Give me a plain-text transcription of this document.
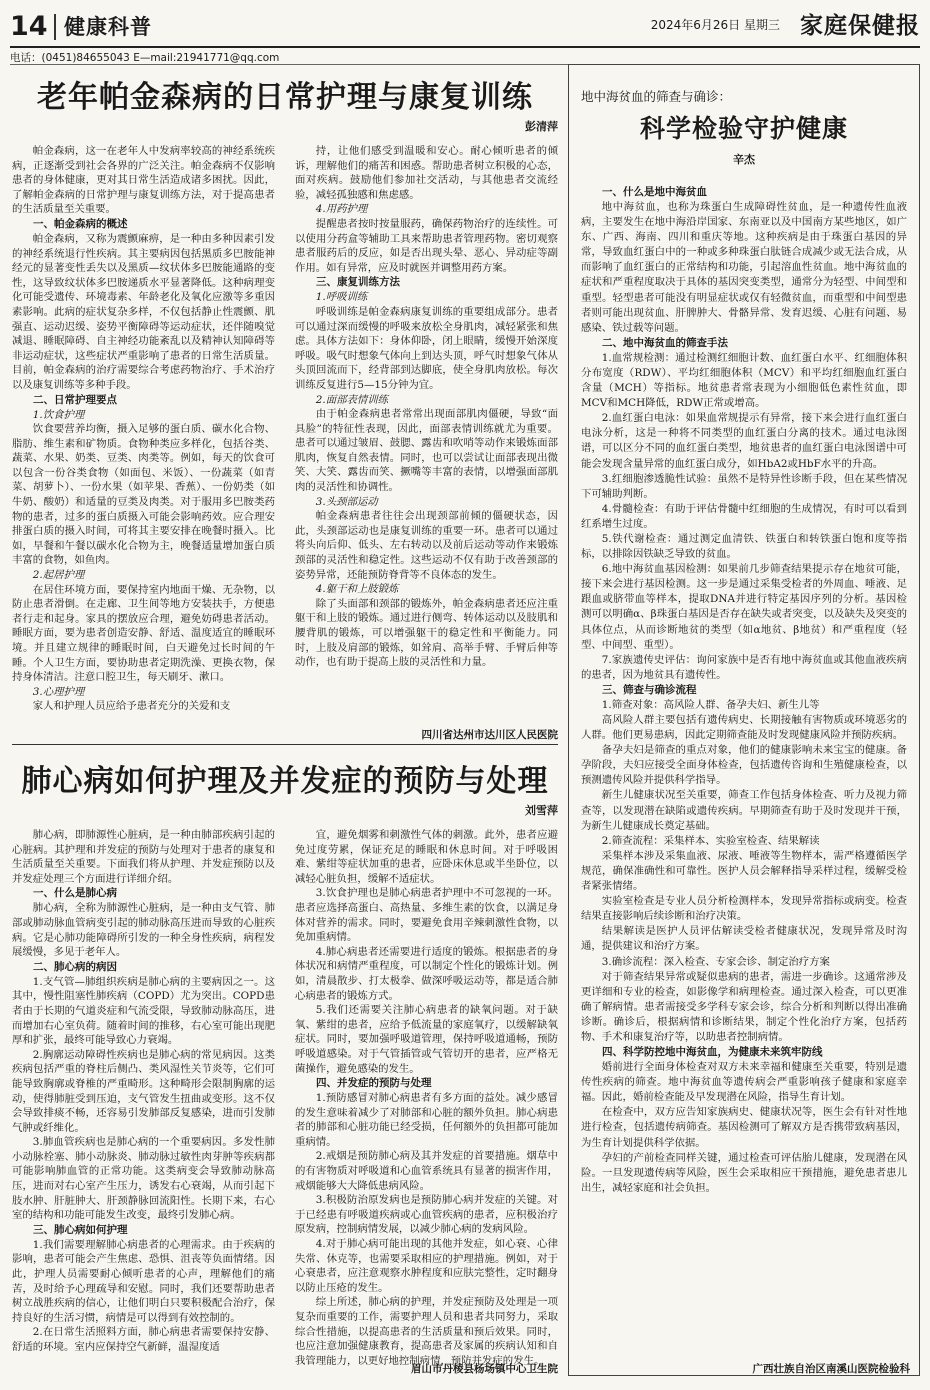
14 健康科普	2024年6月26日 星期三 家庭保健报
电话：(0451)84655043 E—mail:21941771@qq.com
老年帕金森病的日常护理与康复训练
彭清萍

帕金森病，这一在老年人中发病率较高的神经系统疾病，正逐渐受到社会各界的广泛关注。帕金森病不仅影响患者的身体健康，更对其日常生活造成诸多困扰。因此，了解帕金森病的日常护理与康复训练方法，对于提高患者的生活质量至关重要。

一、帕金森病的概述

帕金森病，又称为震颤麻痹，是一种由多种因素引发的神经系统退行性疾病。其主要病因包括黑质多巴胺能神经元的显著变性丢失以及黑质—纹状体多巴胺能通路的变性，这导致纹状体多巴胺递质水平显著降低。这种病理变化可能受遗传、环境毒素、年龄老化及氧化应激等多重因素影响。此病的症状复杂多样，不仅包括静止性震颤、肌强直、运动迟缓、姿势平衡障碍等运动症状，还伴随嗅觉减退、睡眠障碍、自主神经功能紊乱以及精神认知障碍等非运动症状，这些症状严重影响了患者的日常生活质量。目前，帕金森病的治疗需要综合考虑药物治疗、手术治疗以及康复训练等多种手段。

二、日常护理要点

1.饮食护理

饮食要营养均衡，摄入足够的蛋白质、碳水化合物、脂肪、维生素和矿物质。食物种类应多样化，包括谷类、蔬菜、水果、奶类、豆类、肉类等。例如，每天的饮食可以包含一份谷类食物（如面包、米饭）、一份蔬菜（如青菜、胡萝卜）、一份水果（如苹果、香蕉）、一份奶类（如牛奶、酸奶）和适量的豆类及肉类。对于服用多巴胺类药物的患者，过多的蛋白质摄入可能会影响药效。应合理安排蛋白质的摄入时间，可将其主要安排在晚餐时摄入。比如，早餐和午餐以碳水化合物为主，晚餐适量增加蛋白质丰富的食物，如鱼肉。

2.起居护理

在居住环境方面，要保持室内地面干燥、无杂物，以防止患者滑倒。在走廊、卫生间等地方安装扶手，方便患者行走和起身。家具的摆放应合理，避免妨碍患者活动。睡眠方面，要为患者创造安静、舒适、温度适宜的睡眠环境。并且建立规律的睡眠时间，白天避免过长时间的午睡。个人卫生方面，要协助患者定期洗澡、更换衣物，保持身体清洁。注意口腔卫生，每天刷牙、漱口。

3.心理护理

家人和护理人员应给予患者充分的关爱和支

持，让他们感受到温暖和安心。耐心倾听患者的倾诉，理解他们的痛苦和困惑。帮助患者树立积极的心态，面对疾病。鼓励他们参加社交活动，与其他患者交流经验，减轻孤独感和焦虑感。

4.用药护理

提醒患者按时按量服药，确保药物治疗的连续性。可以使用分药盒等辅助工具来帮助患者管理药物。密切观察患者服药后的反应，如是否出现头晕、恶心、异动症等副作用。如有异常，应及时就医并调整用药方案。

三、康复训练方法

1.呼吸训练

呼吸训练是帕金森病康复训练的重要组成部分。患者可以通过深而缓慢的呼吸来放松全身肌肉，减轻紧张和焦虑。具体方法如下：身体仰卧，闭上眼睛，缓慢开始深度呼吸。吸气时想象气体向上到达头顶，呼气时想象气体从头顶回流而下，经背部到达脚底，使全身肌肉放松。每次训练反复进行5—15分钟为宜。

2.面部表情训练

由于帕金森病患者常常出现面部肌肉僵硬，导致“面具脸”的特征性表现，因此，面部表情训练就尤为重要。患者可以通过皱眉、鼓腮、露齿和吹哨等动作来锻炼面部肌肉，恢复自然表情。同时，也可以尝试让面部表现出微笑、大笑、露齿而笑、撅嘴等丰富的表情，以增强面部肌肉的灵活性和协调性。

3.头颈部运动

帕金森病患者往往会出现颈部前倾的僵硬状态，因此，头颈部运动也是康复训练的重要一环。患者可以通过将头向后仰、低头、左右转动以及前后运动等动作来锻炼颈部的灵活性和稳定性。这些运动不仅有助于改善颈部的姿势异常，还能预防脊背等不良体态的发生。

4.躯干和上肢锻炼

除了头面部和颈部的锻炼外，帕金森病患者还应注重躯干和上肢的锻炼。通过进行侧弯、转体运动以及肢肌和腰背肌的锻炼，可以增强躯干的稳定性和平衡能力。同时，上肢及肩部的锻炼，如耸肩、高举手臂、手臂后伸等动作，也有助于提高上肢的灵活性和力量。

四川省达州市达川区人民医院
肺心病如何护理及并发症的预防与处理
刘雪萍

肺心病，即肺源性心脏病，是一种由肺部疾病引起的心脏病。其护理和并发症的预防与处理对于患者的康复和生活质量至关重要。下面我们将从护理、并发症预防以及并发症处理三个方面进行详细介绍。

一、什么是肺心病

肺心病，全称为肺源性心脏病，是一种由支气管、肺部或肺动脉血管病变引起的肺动脉高压进而导致的心脏疾病。它是心肺功能障碍所引发的一种全身性疾病，病程发展缓慢，多见于老年人。

二、肺心病的病因

1.支气管—肺组织疾病是肺心病的主要病因之一。这其中，慢性阻塞性肺疾病（COPD）尤为突出。COPD患者由于长期的气道炎症和气流受限，导致肺动脉高压，进而增加右心室负荷。随着时间的推移，右心室可能出现肥厚和扩张，最终可能导致心力衰竭。

2.胸廓运动障碍性疾病也是肺心病的常见病因。这类疾病包括严重的脊柱后侧凸、类风湿性关节炎等，它们可能导致胸廓或脊椎的严重畸形。这种畸形会限制胸廓的运动，使得肺脏受到压迫，支气管发生扭曲或变形。这不仅会导致排痰不畅，还容易引发肺部反复感染，进而引发肺气肿或纤维化。

3.肺血管疾病也是肺心病的一个重要病因。多发性肺小动脉栓塞、肺小动脉炎、肺动脉过敏性肉芽肿等疾病都可能影响肺血管的正常功能。这类病变会导致肺动脉高压，进而对右心室产生压力，诱发右心衰竭，从而引起下肢水肿、肝脏肿大、肝颈静脉回流阳性。长期下来，右心室的结构和功能可能发生改变，最终引发肺心病。

三、肺心病如何护理

1.我们需要理解肺心病患者的心理需求。由于疾病的影响，患者可能会产生焦虑、恐惧、沮丧等负面情绪。因此，护理人员需要耐心倾听患者的心声，理解他们的痛苦，及时给予心理疏导和安慰。同时，我们还要帮助患者树立战胜疾病的信心，让他们明白只要积极配合治疗，保持良好的生活习惯，病情是可以得到有效控制的。

2.在日常生活照料方面，肺心病患者需要保持安静、舒适的环境。室内应保持空气新鲜，温湿度适

宜，避免烟雾和刺激性气体的刺激。此外，患者应避免过度劳累，保证充足的睡眠和休息时间。对于呼吸困难、紫绀等症状加重的患者，应卧床休息或半坐卧位，以减轻心脏负担，缓解不适症状。

3.饮食护理也是肺心病患者护理中不可忽视的一环。患者应选择高蛋白、高热量、多维生素的饮食，以满足身体对营养的需求。同时，要避免食用辛辣刺激性食物，以免加重病情。

4.肺心病患者还需要进行适度的锻炼。根据患者的身体状况和病情严重程度，可以制定个性化的锻炼计划。例如，清晨散步、打太极拳、做深呼吸运动等，都是适合肺心病患者的锻炼方式。

5.我们还需要关注肺心病患者的缺氧问题。对于缺氧、紫绀的患者，应给予低流量的家庭氧疗，以缓解缺氧症状。同时，要加强呼吸道管理，保持呼吸道通畅，预防呼吸道感染。对于气管插管或气管切开的患者，应严格无菌操作，避免感染的发生。

四、并发症的预防与处理

1.预防感冒对肺心病患者有多方面的益处。减少感冒的发生意味着减少了对肺部和心脏的额外负担。肺心病患者的肺部和心脏功能已经受损，任何额外的负担都可能加重病情。

2.戒烟是预防肺心病及其并发症的首要措施。烟草中的有害物质对呼吸道和心血管系统具有显著的损害作用，戒烟能够大大降低患病风险。

3.积极防治原发病也是预防肺心病并发症的关键。对于已经患有呼吸道疾病或心血管疾病的患者，应积极治疗原发病，控制病情发展，以减少肺心病的发病风险。

4.对于肺心病可能出现的其他并发症，如心衰、心律失常、休克等，也需要采取相应的护理措施。例如，对于心衰患者，应注意观察水肿程度和应肤完整性，定时翻身以防止压疮的发生。

综上所述，肺心病的护理，并发症预防及处理是一项复杂而重要的工作，需要护理人员和患者共同努力，采取综合性措施，以提高患者的生活质量和预后效果。同时，也应注意加强健康教育，提高患者及家属的疾病认知和自我管理能力，以更好地控制病情，预防并发症的发生。

眉山市丹棱县杨场镇中心卫生院
地中海贫血的筛查与确诊：
科学检验守护健康
辛杰

一、什么是地中海贫血

地中海贫血，也称为珠蛋白生成障碍性贫血，是一种遗传性血液病，主要发生在地中海沿岸国家、东南亚以及中国南方某些地区，如广东、广西、海南、四川和重庆等地。这种疾病是由于珠蛋白基因的异常，导致血红蛋白中的一种或多种珠蛋白肽链合成减少或无法合成，从而影响了血红蛋白的正常结构和功能，引起溶血性贫血。地中海贫血的症状和严重程度取决于具体的基因突变类型，通常分为轻型、中间型和重型。轻型患者可能没有明显症状或仅有轻微贫血，而重型和中间型患者则可能出现贫血、肝脾肿大、骨骼异常、发育迟缓、心脏有问题、易感染、铁过载等问题。

二、地中海贫血的筛查手法

1.血常规检测：通过检测红细胞计数、血红蛋白水平、红细胞体积分布宽度（RDW）、平均红细胞体积（MCV）和平均红细胞血红蛋白含量（MCH）等指标。地贫患者常表现为小细胞低色素性贫血，即MCV和MCH降低，RDW正常或增高。

2.血红蛋白电泳：如果血常规提示有异常，接下来会进行血红蛋白电泳分析，这是一种将不同类型的血红蛋白分离的技术。通过电泳图谱，可以区分不同的血红蛋白类型，地贫患者的血红蛋白电泳图谱中可能会发现含量异常的血红蛋白成分，如HbA2或HbF水平的升高。

3.红细胞渗透脆性试验：虽然不是特异性诊断手段，但在某些情况下可辅助判断。

4.骨髓检查：有助于评估骨髓中红细胞的生成情况，有时可以看到红系增生过度。

5.铁代谢检查：通过测定血清铁、铁蛋白和转铁蛋白饱和度等指标，以排除因铁缺乏导致的贫血。

6.地中海贫血基因检测：如果前几步筛查结果提示存在地贫可能，接下来会进行基因检测。这一步是通过采集受检者的外周血、唾液、足跟血或脐带血等样本，提取DNA并进行特定基因序列的分析。基因检测可以明确α、β珠蛋白基因是否存在缺失或者突变，以及缺失及突变的具体位点，从而诊断地贫的类型（如α地贫、β地贫）和严重程度（轻型、中间型、重型）。

7.家族遗传史评估：询问家族中是否有地中海贫血或其他血液疾病的患者，因为地贫具有遗传性。

三、筛查与确诊流程

1.筛查对象：高风险人群、备孕夫妇、新生儿等

高风险人群主要包括有遗传病史、长期接触有害物质或环境恶劣的人群。他们更易患病，因此定期筛查能及时发现健康风险并预防疾病。

备孕夫妇是筛查的重点对象，他们的健康影响未来宝宝的健康。备孕阶段，夫妇应接受全面身体检查，包括遗传咨询和生殖健康检查，以预测遗传风险并提供科学指导。

新生儿健康状况至关重要，筛查工作包括身体检查、听力及视力筛查等，以发现潜在缺陷或遗传疾病。早期筛查有助于及时发现并干预，为新生儿健康成长奠定基础。

2.筛查流程：采集样本、实验室检查、结果解读

采集样本涉及采集血液、尿液、唾液等生物样本，需严格遵循医学规范，确保准确性和可靠性。医护人员会解释指导采样过程，缓解受检者紧张情绪。

实验室检查是专业人员分析检测样本，发现异常指标或病变。检查结果直接影响后续诊断和治疗决策。

结果解读是医护人员评估解读受检者健康状况，发现异常及时沟通，提供建议和治疗方案。

3.确诊流程：深入检查、专家会诊、制定治疗方案

对于筛查结果异常或疑似患病的患者，需进一步确诊。这通常涉及更详细和专业的检查，如影像学和病理检查。通过深入检查，可以更准确了解病情。患者需接受多学科专家会诊，综合分析和判断以得出准确诊断。确诊后，根据病情和诊断结果，制定个性化治疗方案，包括药物、手术和康复治疗等，以助患者控制病情。

四、科学防控地中海贫血，为健康未来筑牢防线

婚前进行全面身体检查对双方未来幸福和健康至关重要，特别是遗传性疾病的筛查。地中海贫血等遗传病会严重影响孩子健康和家庭幸福。因此，婚前检查能及早发现潜在风险，指导生育计划。

在检查中，双方应告知家族病史、健康状况等，医生会有针对性地进行检查，包括遗传病筛查。基因检测可了解双方是否携带致病基因，为生育计划提供科学依据。

孕妇的产前检查同样关键，通过检查可评估胎儿健康，发现潜在风险。一旦发现遗传病等风险，医生会采取相应干预措施，避免患者患儿出生，减轻家庭和社会负担。

广西壮族自治区南溪山医院检验科
